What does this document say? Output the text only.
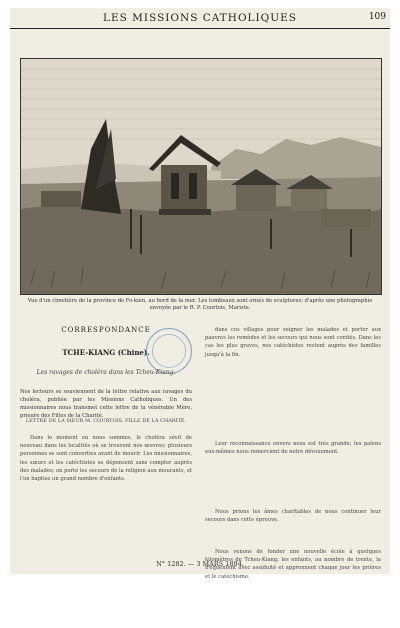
LES MISSIONS CATHOLIQUES	109
Vue d'un cimetière de la province de Fo-kien, au bord de la mer. Les tombeaux sont ornés de sculptures; d'après une photographie envoyée par le R. P. Courtois, Mariste.
CORRESPONDANCE
TCHE-KIANG (Chine).
Les ravages de choléra dans les Tcheu-Kiang.
Nos lecteurs se souviennent de la lettre relative aux ravages du choléra, publiée par les Missions Catholiques. Un des missionnaires nous transmet cette lettre de la vénérable Mère, prieure des Filles de la Charité.
LETTRE DE LA SŒUR M. COURTOIS, FILLE DE LA CHARITÉ.
Dans le moment où nous sommes, le choléra sévit de nouveau dans les localités où se trouvent nos œuvres; plusieurs personnes se sont converties avant de mourir. Les missionnaires, les sœurs et les catéchistes se dépensent sans compter auprès des malades; on porte les secours de la religion aux mourants, et l'on baptise un grand nombre d'enfants.
dans ces villages pour soigner les malades et porter aux pauvres les remèdes et les secours qui nous sont confiés. Dans les cas les plus graves, nos catéchistes restent auprès des familles jusqu'à la fin.
Leur reconnaissance envers nous est très grande; les païens eux-mêmes nous remercient de notre dévouement.
Nous prions les âmes charitables de nous continuer leur secours dans cette épreuve.
Nous venons de fonder une nouvelle école à quelques kilomètres de Tcheu-Kiang; les enfants, au nombre de trente, la fréquentent avec assiduité et apprennent chaque jour les prières et le catéchisme.
N° 1282. — 3 MARS 1894.
